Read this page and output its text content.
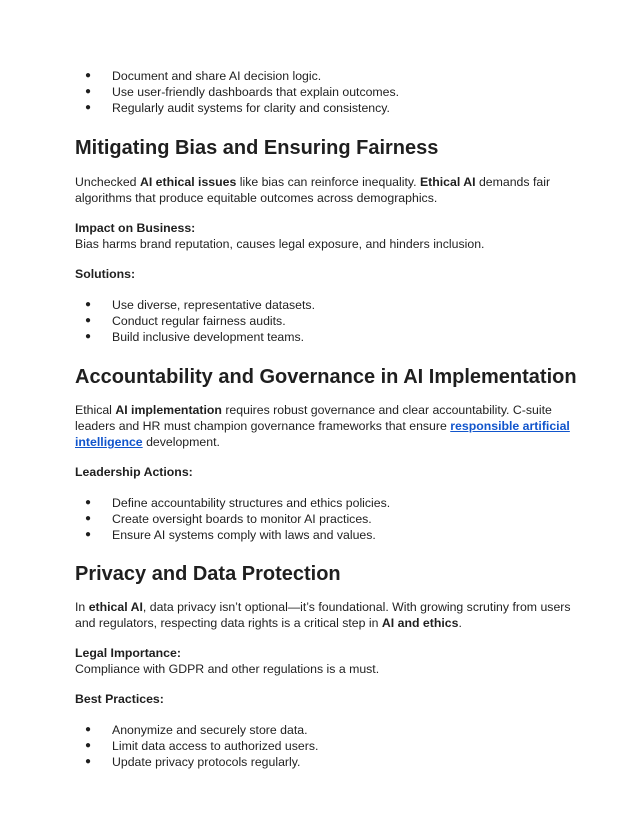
● Document and share AI decision logic.
● Use user-friendly dashboards that explain outcomes.
● Regularly audit systems for clarity and consistency.
Mitigating Bias and Ensuring Fairness

Unchecked AI ethical issues like bias can reinforce inequality. Ethical AI demands fair algorithms that produce equitable outcomes across demographics.

Impact on Business:

Bias harms brand reputation, causes legal exposure, and hinders inclusion.

Solutions:

● Use diverse, representative datasets.
● Conduct regular fairness audits.
● Build inclusive development teams.
Accountability and Governance in AI Implementation

Ethical AI implementation requires robust governance and clear accountability. C-suite leaders and HR must champion governance frameworks that ensure responsible artificial intelligence development.

Leadership Actions:

● Define accountability structures and ethics policies.
● Create oversight boards to monitor AI practices.
● Ensure AI systems comply with laws and values.
Privacy and Data Protection

In ethical AI, data privacy isn’t optional—it’s foundational. With growing scrutiny from users and regulators, respecting data rights is a critical step in AI and ethics.

Legal Importance:

Compliance with GDPR and other regulations is a must.

Best Practices:

● Anonymize and securely store data.
● Limit data access to authorized users.
● Update privacy protocols regularly.
